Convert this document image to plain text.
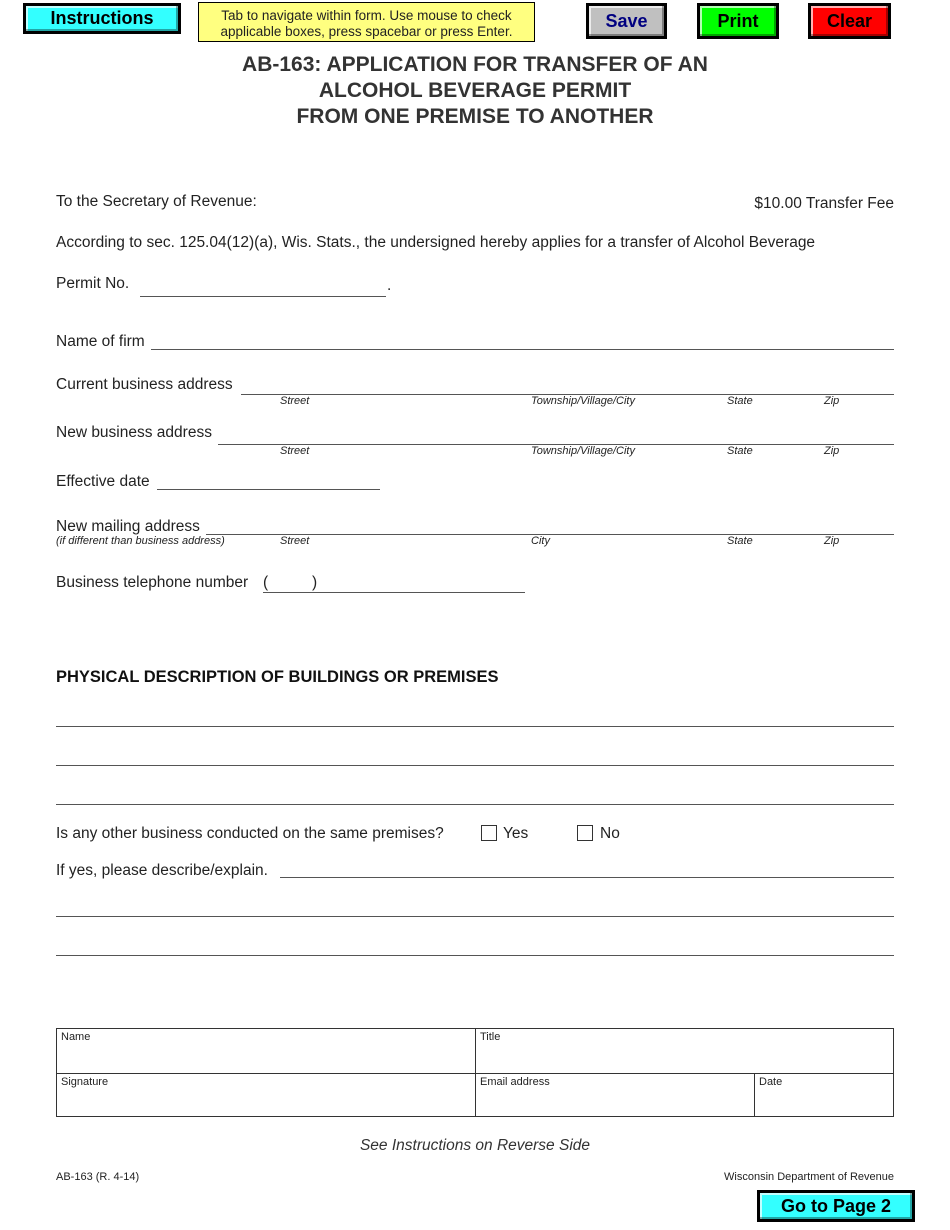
Instructions	Tab to navigate within form. Use mouse to check
applicable boxes, press spacebar or press Enter.
Save	Print	Clear
AB-163: APPLICATION FOR TRANSFER OF AN
ALCOHOL BEVERAGE PERMIT
FROM ONE PREMISE TO ANOTHER
To the Secretary of Revenue:	$10.00 Transfer Fee
According to sec. 125.04(12)(a), Wis. Stats., the undersigned hereby applies for a transfer of Alcohol Beverage
Permit No.	.
Name of firm
Current business address
Street	Township/Village/City	State	Zip
New business address
Street	Township/Village/City	State	Zip
Effective date
New mailing address
(if different than business address)	Street	City	State	Zip
Business telephone number (	)
PHYSICAL DESCRIPTION OF BUILDINGS OR PREMISES
Is any other business conducted on the same premises?	Yes	No
If yes, please describe/explain.
Name	Title
Signature	Email address	Date
See Instructions on Reverse Side
AB-163 (R. 4-14)	Wisconsin Department of Revenue
Go to Page 2
